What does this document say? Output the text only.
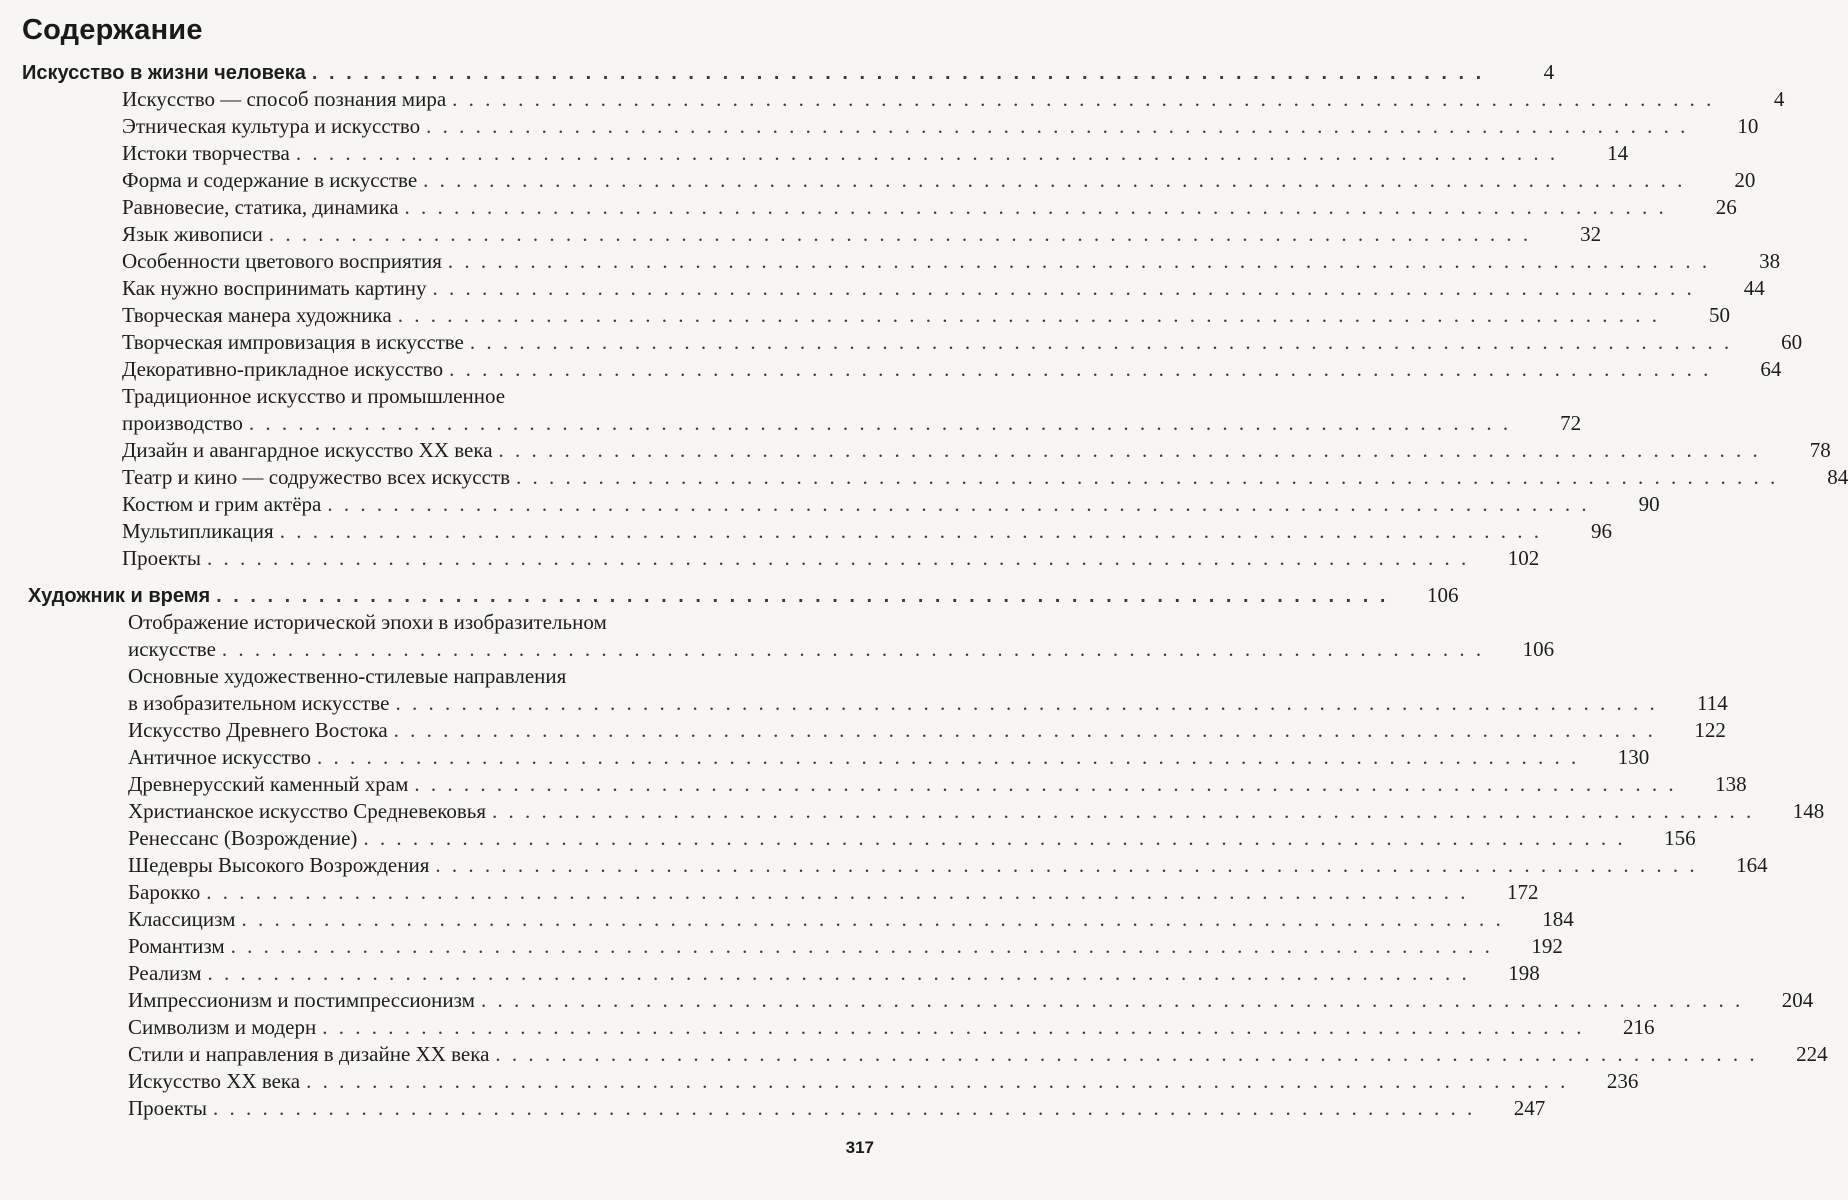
Содержание
Искусство в жизни человека . . . . . . . . . . . . . . . . . . . . . . . . . . . . . . . . . . . . . . . . . . . . . . . . . . . . . . . . . . . . . . . . . . . . .	4
Искусство — способ познания мира . . . . . . . . . . . . . . . . . . . . . . . . . . . . . . . . . . . . . . . . . . . . . . . . . . . . . . . . . . . . . . . . . . . . . . . . . . . . .	4
Этническая культура и искусство . . . . . . . . . . . . . . . . . . . . . . . . . . . . . . . . . . . . . . . . . . . . . . . . . . . . . . . . . . . . . . . . . . . . . . . . . . . . .	10
Истоки творчества . . . . . . . . . . . . . . . . . . . . . . . . . . . . . . . . . . . . . . . . . . . . . . . . . . . . . . . . . . . . . . . . . . . . . . . . . . . . .	14
Форма и содержание в искусстве . . . . . . . . . . . . . . . . . . . . . . . . . . . . . . . . . . . . . . . . . . . . . . . . . . . . . . . . . . . . . . . . . . . . . . . . . . . . .	20
Равновесие, статика, динамика . . . . . . . . . . . . . . . . . . . . . . . . . . . . . . . . . . . . . . . . . . . . . . . . . . . . . . . . . . . . . . . . . . . . . . . . . . . . .	26
Язык живописи . . . . . . . . . . . . . . . . . . . . . . . . . . . . . . . . . . . . . . . . . . . . . . . . . . . . . . . . . . . . . . . . . . . . . . . . . . . . .	32
Особенности цветового восприятия . . . . . . . . . . . . . . . . . . . . . . . . . . . . . . . . . . . . . . . . . . . . . . . . . . . . . . . . . . . . . . . . . . . . . . . . . . . . .	38
Как нужно воспринимать картину . . . . . . . . . . . . . . . . . . . . . . . . . . . . . . . . . . . . . . . . . . . . . . . . . . . . . . . . . . . . . . . . . . . . . . . . . . . . .	44
Творческая манера художника . . . . . . . . . . . . . . . . . . . . . . . . . . . . . . . . . . . . . . . . . . . . . . . . . . . . . . . . . . . . . . . . . . . . . . . . . . . . .	50
Творческая импровизация в искусстве . . . . . . . . . . . . . . . . . . . . . . . . . . . . . . . . . . . . . . . . . . . . . . . . . . . . . . . . . . . . . . . . . . . . . . . . . . . . .	60
Декоративно-прикладное искусство . . . . . . . . . . . . . . . . . . . . . . . . . . . . . . . . . . . . . . . . . . . . . . . . . . . . . . . . . . . . . . . . . . . . . . . . . . . . .	64
Традиционное искусство и промышленное
производство . . . . . . . . . . . . . . . . . . . . . . . . . . . . . . . . . . . . . . . . . . . . . . . . . . . . . . . . . . . . . . . . . . . . . . . . . . . . .	72
Дизайн и авангардное искусство XX века . . . . . . . . . . . . . . . . . . . . . . . . . . . . . . . . . . . . . . . . . . . . . . . . . . . . . . . . . . . . . . . . . . . . . . . . . . . . .	78
Театр и кино — содружество всех искусств . . . . . . . . . . . . . . . . . . . . . . . . . . . . . . . . . . . . . . . . . . . . . . . . . . . . . . . . . . . . . . . . . . . . . . . . . . . . .	84
Костюм и грим актёра . . . . . . . . . . . . . . . . . . . . . . . . . . . . . . . . . . . . . . . . . . . . . . . . . . . . . . . . . . . . . . . . . . . . . . . . . . . . .	90
Мультипликация . . . . . . . . . . . . . . . . . . . . . . . . . . . . . . . . . . . . . . . . . . . . . . . . . . . . . . . . . . . . . . . . . . . . . . . . . . . . .	96
Проекты . . . . . . . . . . . . . . . . . . . . . . . . . . . . . . . . . . . . . . . . . . . . . . . . . . . . . . . . . . . . . . . . . . . . . . . . . . . . .	102
Художник и время . . . . . . . . . . . . . . . . . . . . . . . . . . . . . . . . . . . . . . . . . . . . . . . . . . . . . . . . . . . . . . . . . . . . .	106
Отображение исторической эпохи в изобразительном
искусстве . . . . . . . . . . . . . . . . . . . . . . . . . . . . . . . . . . . . . . . . . . . . . . . . . . . . . . . . . . . . . . . . . . . . . . . . . . . . .	106
Основные художественно-стилевые направления
в изобразительном искусстве . . . . . . . . . . . . . . . . . . . . . . . . . . . . . . . . . . . . . . . . . . . . . . . . . . . . . . . . . . . . . . . . . . . . . . . . . . . . .	114
Искусство Древнего Востока . . . . . . . . . . . . . . . . . . . . . . . . . . . . . . . . . . . . . . . . . . . . . . . . . . . . . . . . . . . . . . . . . . . . . . . . . . . . .	122
Античное искусство . . . . . . . . . . . . . . . . . . . . . . . . . . . . . . . . . . . . . . . . . . . . . . . . . . . . . . . . . . . . . . . . . . . . . . . . . . . . .	130
Древнерусский каменный храм . . . . . . . . . . . . . . . . . . . . . . . . . . . . . . . . . . . . . . . . . . . . . . . . . . . . . . . . . . . . . . . . . . . . . . . . . . . . .	138
Христианское искусство Средневековья . . . . . . . . . . . . . . . . . . . . . . . . . . . . . . . . . . . . . . . . . . . . . . . . . . . . . . . . . . . . . . . . . . . . . . . . . . . . .	148
Ренессанс (Возрождение) . . . . . . . . . . . . . . . . . . . . . . . . . . . . . . . . . . . . . . . . . . . . . . . . . . . . . . . . . . . . . . . . . . . . . . . . . . . . .	156
Шедевры Высокого Возрождения . . . . . . . . . . . . . . . . . . . . . . . . . . . . . . . . . . . . . . . . . . . . . . . . . . . . . . . . . . . . . . . . . . . . . . . . . . . . .	164
Барокко . . . . . . . . . . . . . . . . . . . . . . . . . . . . . . . . . . . . . . . . . . . . . . . . . . . . . . . . . . . . . . . . . . . . . . . . . . . . .	172
Классицизм . . . . . . . . . . . . . . . . . . . . . . . . . . . . . . . . . . . . . . . . . . . . . . . . . . . . . . . . . . . . . . . . . . . . . . . . . . . . .	184
Романтизм . . . . . . . . . . . . . . . . . . . . . . . . . . . . . . . . . . . . . . . . . . . . . . . . . . . . . . . . . . . . . . . . . . . . . . . . . . . . .	192
Реализм . . . . . . . . . . . . . . . . . . . . . . . . . . . . . . . . . . . . . . . . . . . . . . . . . . . . . . . . . . . . . . . . . . . . . . . . . . . . .	198
Импрессионизм и постимпрессионизм . . . . . . . . . . . . . . . . . . . . . . . . . . . . . . . . . . . . . . . . . . . . . . . . . . . . . . . . . . . . . . . . . . . . . . . . . . . . .	204
Символизм и модерн . . . . . . . . . . . . . . . . . . . . . . . . . . . . . . . . . . . . . . . . . . . . . . . . . . . . . . . . . . . . . . . . . . . . . . . . . . . . .	216
Стили и направления в дизайне XX века . . . . . . . . . . . . . . . . . . . . . . . . . . . . . . . . . . . . . . . . . . . . . . . . . . . . . . . . . . . . . . . . . . . . . . . . . . . . .	224
Искусство XX века . . . . . . . . . . . . . . . . . . . . . . . . . . . . . . . . . . . . . . . . . . . . . . . . . . . . . . . . . . . . . . . . . . . . . . . . . . . . .	236
Проекты . . . . . . . . . . . . . . . . . . . . . . . . . . . . . . . . . . . . . . . . . . . . . . . . . . . . . . . . . . . . . . . . . . . . . . . . . . . . .	247
317
